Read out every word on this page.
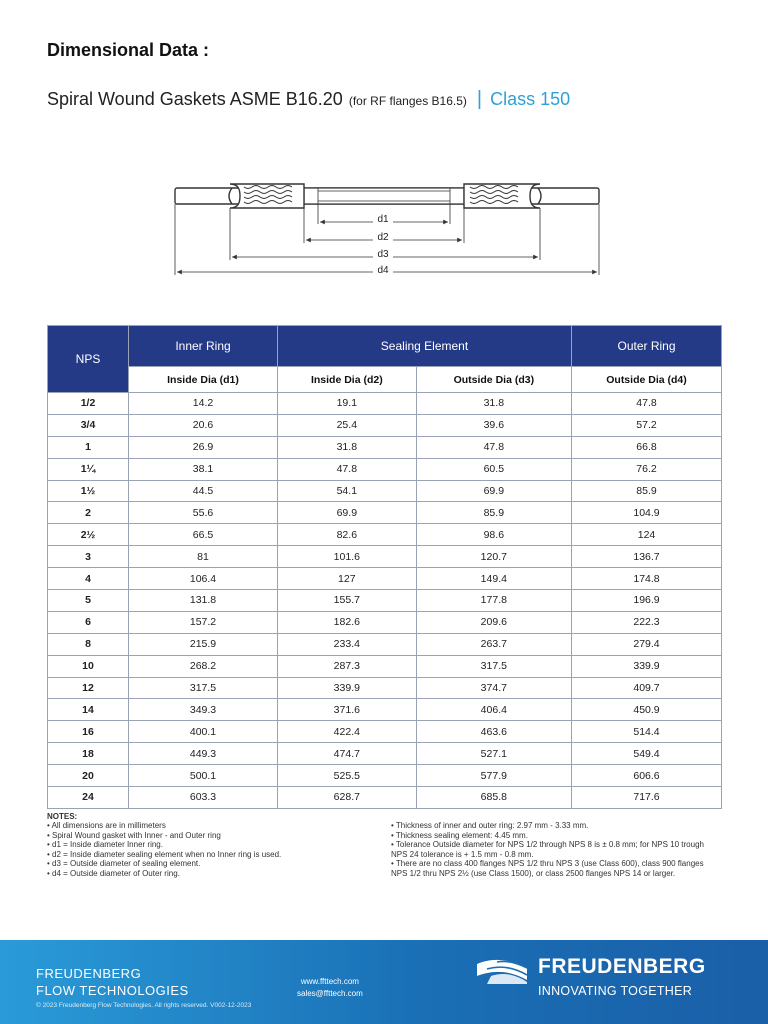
Dimensional Data :
Spiral Wound Gaskets ASME B16.20 (for RF flanges B16.5) | Class 150
d1
d2
d3
d4
NPS	Inner Ring	Sealing Element		Outer Ring
	Inside Dia (d1)	Inside Dia (d2)	Outside Dia (d3)	Outside Dia (d4)
1/2	14.2	19.1	31.8	47.8
3/4	20.6	25.4	39.6	57.2
1	26.9	31.8	47.8	66.8
1¼	38.1	47.8	60.5	76.2
1½	44.5	54.1	69.9	85.9
2	55.6	69.9	85.9	104.9
2½	66.5	82.6	98.6	124
3	81	101.6	120.7	136.7
4	106.4	127	149.4	174.8
5	131.8	155.7	177.8	196.9
6	157.2	182.6	209.6	222.3
8	215.9	233.4	263.7	279.4
10	268.2	287.3	317.5	339.9
12	317.5	339.9	374.7	409.7
14	349.3	371.6	406.4	450.9
16	400.1	422.4	463.6	514.4
18	449.3	474.7	527.1	549.4
20	500.1	525.5	577.9	606.6
24	603.3	628.7	685.8	717.6
NOTES:
• All dimensions are in millimeters
• Spiral Wound gasket with Inner - and Outer ring
• d1 = Inside diameter Inner ring.
• d2 = Inside diameter sealing element when no Inner ring is used.
• d3 = Outside diameter of sealing element.
• d4 = Outside diameter of Outer ring.
• Thickness of inner and outer ring: 2.97 mm - 3.33 mm.
• Thickness sealing element: 4.45 mm.
• Tolerance Outside diameter for NPS 1/2 through NPS 8 is ± 0.8 mm; for NPS 10 trough NPS 24 tolerance is + 1.5 mm - 0.8 mm.
• There are no class 400 flanges NPS 1/2 thru NPS 3 (use Class 600), class 900 flanges NPS 1/2 thru NPS 2½ (use Class 1500), or class 2500 flanges NPS 14 or larger.
FREUDENBERG
FLOW TECHNOLOGIES
© 2023 Freudenberg Flow Technologies. All rights reserved. V002-12-2023
www.ffttech.com
sales@ffttech.com
FREUDENBERG
INNOVATING TOGETHER
